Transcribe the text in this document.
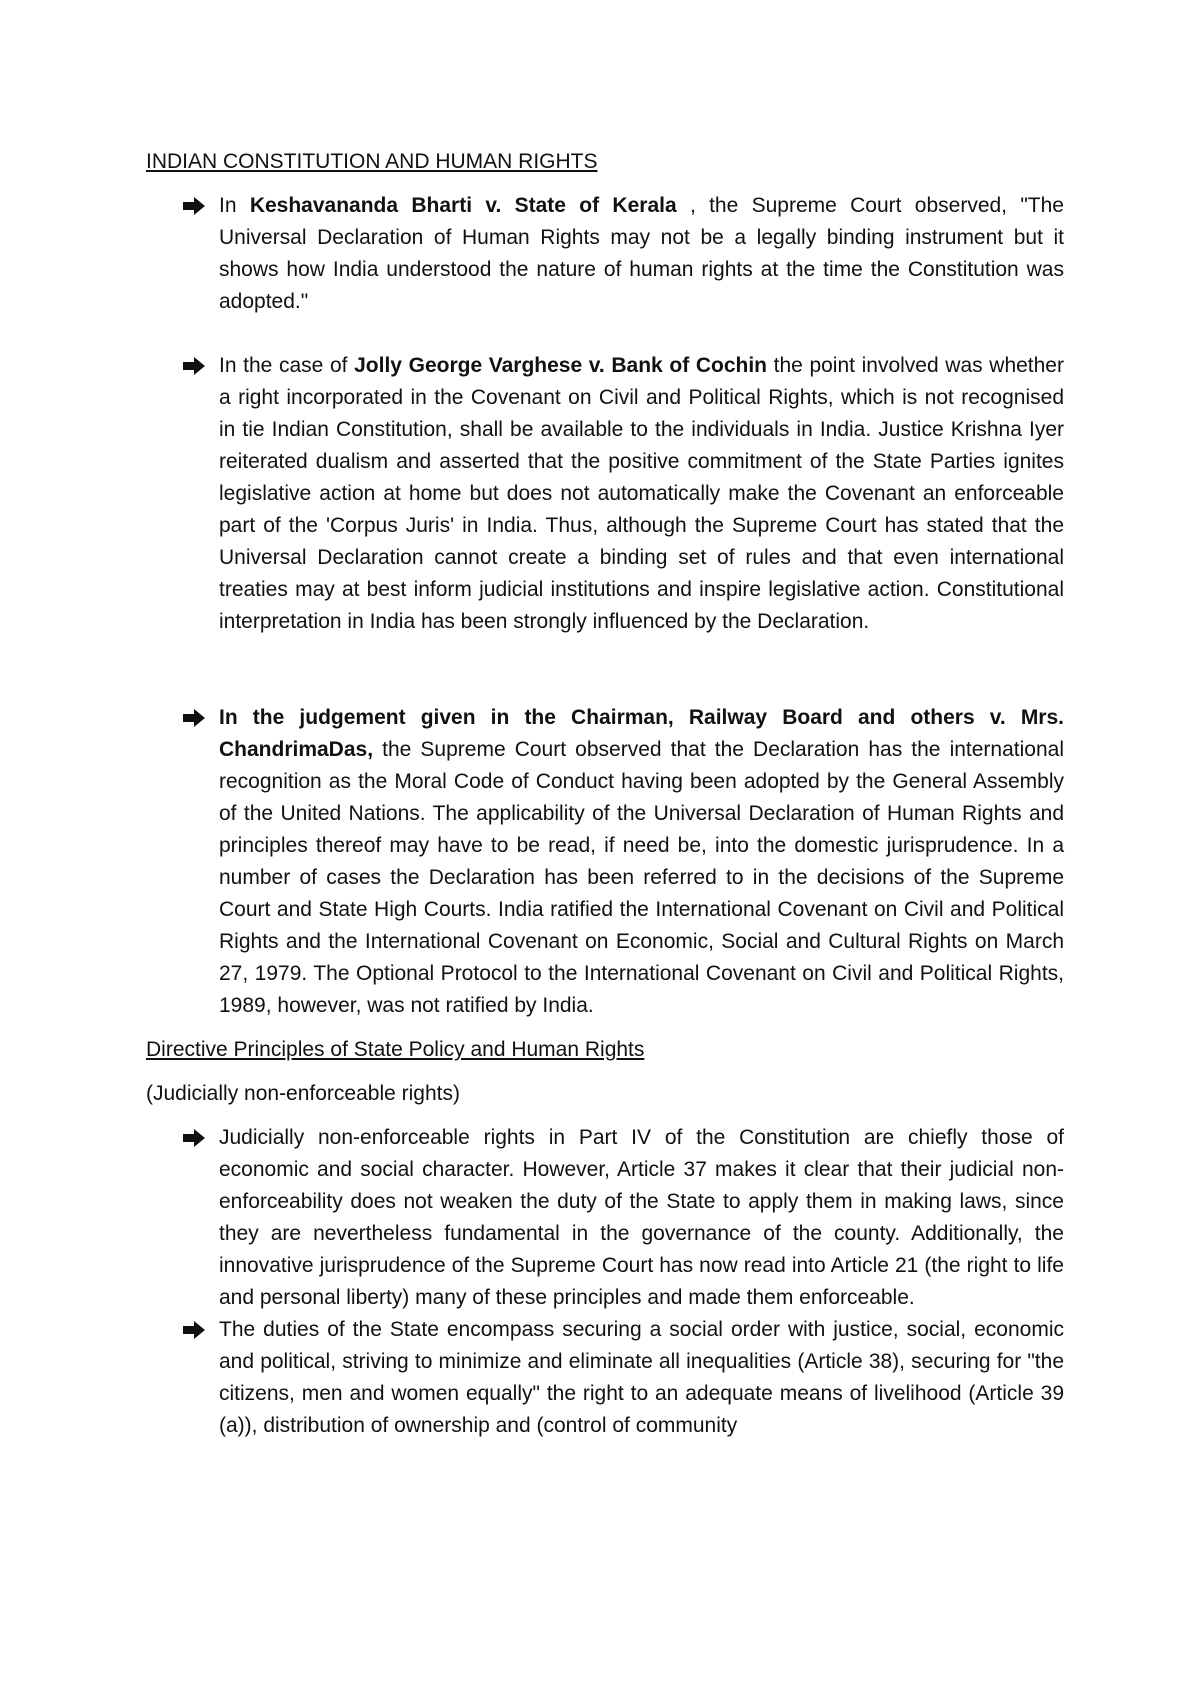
INDIAN CONSTITUTION AND HUMAN RIGHTS
In Keshavananda Bharti v. State of Kerala , the Supreme Court observed, "The Universal Declaration of Human Rights may not be a legally binding instrument but it shows how India understood the nature of human rights at the time the Constitution was adopted."
In the case of Jolly George Varghese v. Bank of Cochin the point involved was whether a right incorporated in the Covenant on Civil and Political Rights, which is not recognised in tie Indian Constitution, shall be available to the individuals in India. Justice Krishna Iyer reiterated dualism and asserted that the positive commitment of the State Parties ignites legislative action at home but does not automatically make the Covenant an enforceable part of the 'Corpus Juris' in India. Thus, although the Supreme Court has stated that the Universal Declaration cannot create a binding set of rules and that even international treaties may at best inform judicial institutions and inspire legislative action. Constitutional interpretation in India has been strongly influenced by the Declaration.
In the judgement given in the Chairman, Railway Board and others v. Mrs. ChandrimaDas, the Supreme Court observed that the Declaration has the international recognition as the Moral Code of Conduct having been adopted by the General Assembly of the United Nations. The applicability of the Universal Declaration of Human Rights and principles thereof may have to be read, if need be, into the domestic jurisprudence. In a number of cases the Declaration has been referred to in the decisions of the Supreme Court and State High Courts. India ratified the International Covenant on Civil and Political Rights and the International Covenant on Economic, Social and Cultural Rights on March 27, 1979. The Optional Protocol to the International Covenant on Civil and Political Rights, 1989, however, was not ratified by India.
Directive Principles of State Policy and Human Rights
(Judicially non-enforceable rights)
Judicially non-enforceable rights in Part IV of the Constitution are chiefly those of economic and social character. However, Article 37 makes it clear that their judicial non-enforceability does not weaken the duty of the State to apply them in making laws, since they are nevertheless fundamental in the governance of the county. Additionally, the innovative jurisprudence of the Supreme Court has now read into Article 21 (the right to life and personal liberty) many of these principles and made them enforceable.
The duties of the State encompass securing a social order with justice, social, economic and political, striving to minimize and eliminate all inequalities (Article 38), securing for "the citizens, men and women equally" the right to an adequate means of livelihood (Article 39 (a)), distribution of ownership and (control of community
